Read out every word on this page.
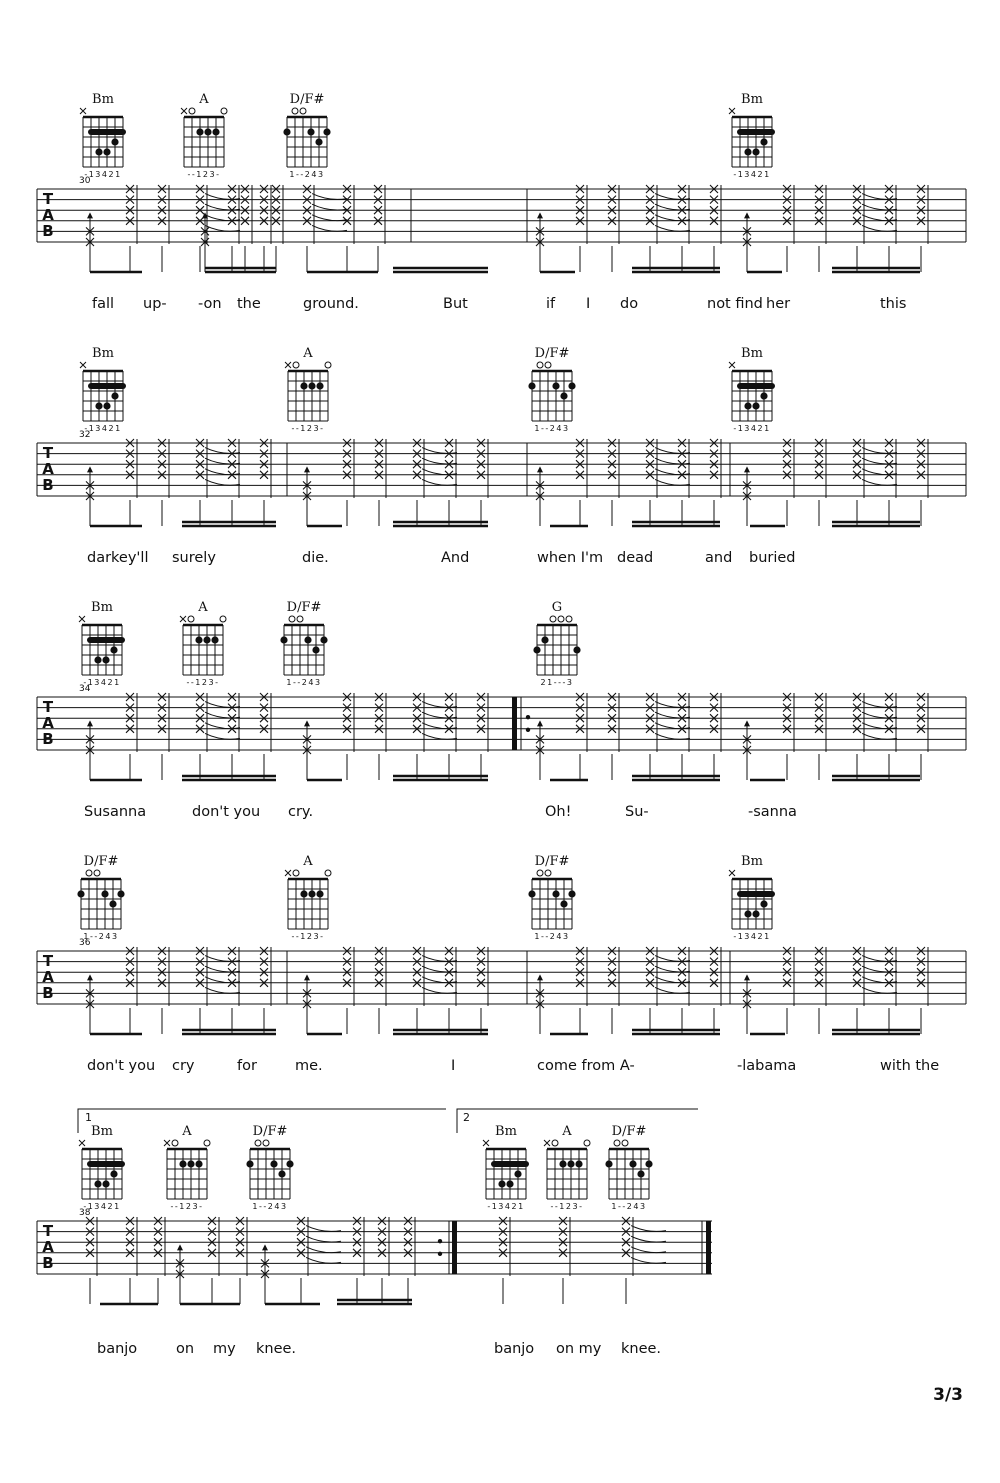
Bm
-13421
A
--123-
D/F#
1--243
Bm
-13421
30
T
A
B
fall up- -on the	ground.	But	if I do	not find her	this
Bm
-13421
A
--123-
D/F#
1--243
Bm
-13421
32
T
A
B
darkey'll surely	die.	And	when I'm dead	and buried
Bm
-13421
A
--123-
D/F#
1--243
G
21---3
34
T
A
B
Susanna	don't you cry.	Oh!	Su-	-sanna
D/F#
1--243
A
--123-
D/F#
1--243
Bm
-13421
36
T
A
B
don't you cry	for	me.	I	come from A-	-labama	with the
Bm
-13421
A
--123-
D/F#
1--243
Bm
-13421
A
--123-
D/F#
1--243
38
T
A
B
1	2
banjo	on my knee.	banjo on my knee.
3/3
